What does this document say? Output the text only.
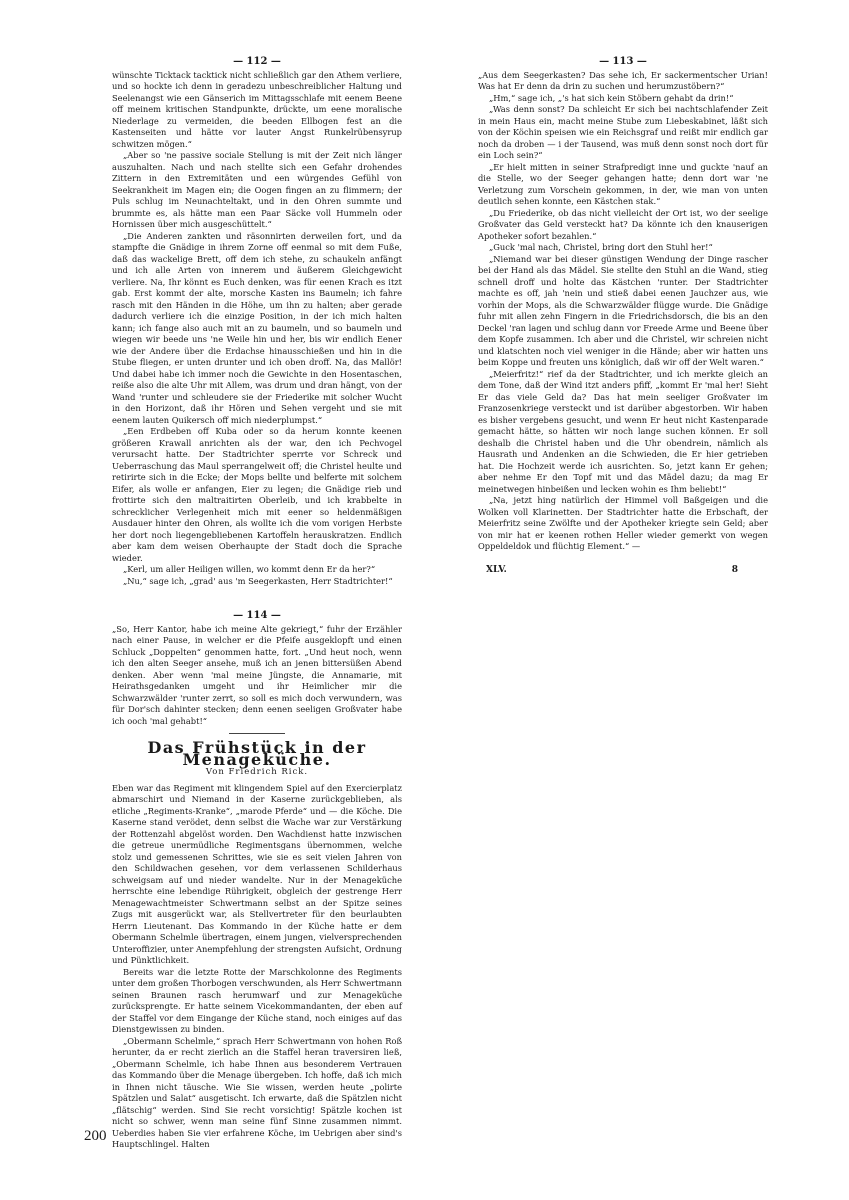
— 112 —

wünschte Ticktack tacktick nicht schließlich gar den Athem verliere, und so hockte ich denn in geradezu unbeschreiblicher Haltung und Seelenangst wie een Gänserich im Mittagsschlafe mit eenem Beene off meinem kritischen Standpunkte, drückte, um eene moralische Niederlage zu vermeiden, die beeden Ellbogen fest an die Kastenseiten und hätte vor lauter Angst Runkelrübensyrup schwitzen mögen.“

„Aber so 'ne passive sociale Stellung is mit der Zeit nich länger auszuhalten. Nach und nach stellte sich een Gefahr drohendes Zittern in den Extremitäten und een würgendes Gefühl von Seekrankheit im Magen ein; die Oogen fingen an zu flimmern; der Puls schlug im Neunachteltakt, und in den Ohren summte und brummte es, als hätte man een Paar Säcke voll Hummeln oder Hornissen über mich ausgeschüttelt.“

„Die Anderen zankten und räsonnirten derweilen fort, und da stampfte die Gnädige in ihrem Zorne off eenmal so mit dem Fuße, daß das wackelige Brett, off dem ich stehe, zu schaukeln anfängt und ich alle Arten von innerem und äußerem Gleichgewicht verliere. Na, Ihr könnt es Euch denken, was für eenen Krach es itzt gab. Erst kommt der alte, morsche Kasten ins Baumeln; ich fahre rasch mit den Händen in die Höhe, um ihn zu halten; aber gerade dadurch verliere ich die einzige Position, in der ich mich halten kann; ich fange also auch mit an zu baumeln, und so baumeln und wiegen wir beede uns 'ne Weile hin und her, bis wir endlich Eener wie der Andere über die Erdachse hinausschießen und hin in die Stube fliegen, er unten drunter und ich oben droff. Na, das Mallör! Und dabei habe ich immer noch die Gewichte in den Hosentaschen, reiße also die alte Uhr mit Allem, was drum und dran hängt, von der Wand 'runter und schleudere sie der Friederike mit solcher Wucht in den Horizont, daß ihr Hören und Sehen vergeht und sie mit eenem lauten Quikersch off mich niederplumpst.“

„Een Erdbeben off Kuba oder so da herum konnte keenen größeren Krawall anrichten als der war, den ich Pechvogel verursacht hatte. Der Stadtrichter sperrte vor Schreck und Ueberraschung das Maul sperrangelweit off; die Christel heulte und retirirte sich in die Ecke; der Mops bellte und belferte mit solchem Eifer, als wolle er anfangen, Eier zu legen; die Gnädige rieb und frottirte sich den maltraitirten Oberleib, und ich krabbelte in schrecklicher Verlegenheit mich mit eener so heldenmäßigen Ausdauer hinter den Ohren, als wollte ich die vom vorigen Herbste her dort noch liegengebliebenen Kartoffeln herauskratzen. Endlich aber kam dem weisen Oberhaupte der Stadt doch die Sprache wieder.

„Kerl, um aller Heiligen willen, wo kommt denn Er da her?“

„Nu,“ sage ich, „grad' aus 'm Seegerkasten, Herr Stadtrichter!“

— 113 —

„Aus dem Seegerkasten? Das sehe ich, Er sackermentscher Urian! Was hat Er denn da drin zu suchen und herumzustöbern?“

„Hm,“ sage ich, „'s hat sich kein Stöbern gehabt da drin!“

„Was denn sonst? Da schleicht Er sich bei nachtschlafender Zeit in mein Haus ein, macht meine Stube zum Liebeskabinet, läßt sich von der Köchin speisen wie ein Reichsgraf und reißt mir endlich gar noch da droben — i der Tausend, was muß denn sonst noch dort für ein Loch sein?“

„Er hielt mitten in seiner Strafpredigt inne und guckte 'nauf an die Stelle, wo der Seeger gehangen hatte; denn dort war 'ne Verletzung zum Vorschein gekommen, in der, wie man von unten deutlich sehen konnte, een Kästchen stak.“

„Du Friederike, ob das nicht vielleicht der Ort ist, wo der seelige Großvater das Geld versteckt hat? Da könnte ich den knauserigen Apotheker sofort bezahlen.“

„Guck 'mal nach, Christel, bring dort den Stuhl her!“

„Niemand war bei dieser günstigen Wendung der Dinge rascher bei der Hand als das Mädel. Sie stellte den Stuhl an die Wand, stieg schnell droff und holte das Kästchen 'runter. Der Stadtrichter machte es off, jah 'nein und stieß dabei eenen Jauchzer aus, wie vorhin der Mops, als die Schwarzwälder flügge wurde. Die Gnädige fuhr mit allen zehn Fingern in die Friedrichsdorsch, die bis an den Deckel 'ran lagen und schlug dann vor Freede Arme und Beene über dem Kopfe zusammen. Ich aber und die Christel, wir schreien nicht und klatschten noch viel weniger in die Hände; aber wir hatten uns beim Koppe und freuten uns königlich, daß wir off der Welt waren.“

„Meierfritz!“ rief da der Stadtrichter, und ich merkte gleich an dem Tone, daß der Wind itzt anders pfiff, „kommt Er 'mal her! Sieht Er das viele Geld da? Das hat mein seeliger Großvater im Franzosenkriege versteckt und ist darüber abgestorben. Wir haben es bisher vergebens gesucht, und wenn Er heut nicht Kastenparade gemacht hätte, so hätten wir noch lange suchen können. Er soll deshalb die Christel haben und die Uhr obendrein, nämlich als Hausrath und Andenken an die Schwieden, die Er hier getrieben hat. Die Hochzeit werde ich ausrichten. So, jetzt kann Er gehen; aber nehme Er den Topf mit und das Mädel dazu; da mag Er meinetwegen hinbeißen und lecken wohin es Ihm beliebt!“

„Na, jetzt hing natürlich der Himmel voll Baßgeigen und die Wolken voll Klarinetten. Der Stadtrichter hatte die Erbschaft, der Meierfritz seine Zwölfte und der Apotheker kriegte sein Geld; aber von mir hat er keenen rothen Heller wieder gemerkt von wegen Oppeldeldok und flüchtig Element.“ —

XLV.	8
— 114 —

„So, Herr Kantor, habe ich meine Alte gekriegt,“ fuhr der Erzähler nach einer Pause, in welcher er die Pfeife ausgeklopft und einen Schluck „Doppelten“ genommen hatte, fort. „Und heut noch, wenn ich den alten Seeger ansehe, muß ich an jenen bittersüßen Abend denken. Aber wenn 'mal meine Jüngste, die Annamarie, mit Heirathsgedanken umgeht und ihr Heimlicher mir die Schwarzwälder 'runter zerrt, so soll es mich doch verwundern, was für Dor'sch dahinter stecken; denn eenen seeligen Großvater habe ich ooch 'mal gehabt!“

Das Frühstück in der Menageküche.
Von Friedrich Rick.

Eben war das Regiment mit klingendem Spiel auf den Exercierplatz abmarschirt und Niemand in der Kaserne zurückgeblieben, als etliche „Regiments-Kranke“, „marode Pferde“ und — die Köche. Die Kaserne stand verödet, denn selbst die Wache war zur Verstärkung der Rottenzahl abgelöst worden. Den Wachdienst hatte inzwischen die getreue unermüdliche Regimentsgans übernommen, welche stolz und gemessenen Schrittes, wie sie es seit vielen Jahren von den Schildwachen gesehen, vor dem verlassenen Schilderhaus schweigsam auf und nieder wandelte. Nur in der Menageküche herrschte eine lebendige Rührigkeit, obgleich der gestrenge Herr Menagewachtmeister Schwertmann selbst an der Spitze seines Zugs mit ausgerückt war, als Stellvertreter für den beurlaubten Herrn Lieutenant. Das Kommando in der Küche hatte er dem Obermann Schelmle übertragen, einem jungen, vielversprechenden Unteroffizier, unter Anempfehlung der strengsten Aufsicht, Ordnung und Pünktlichkeit.

Bereits war die letzte Rotte der Marschkolonne des Regiments unter dem großen Thorbogen verschwunden, als Herr Schwertmann seinen Braunen rasch herumwarf und zur Menageküche zurücksprengte. Er hatte seinem Vicekommandanten, der eben auf der Staffel vor dem Eingange der Küche stand, noch einiges auf das Dienstgewissen zu binden.

„Obermann Schelmle,“ sprach Herr Schwertmann von hohen Roß herunter, da er recht zierlich an die Staffel heran traversiren ließ, „Obermann Schelmle, ich habe Ihnen aus besonderem Vertrauen das Kommando über die Menage übergeben. Ich hoffe, daß ich mich in Ihnen nicht täusche. Wie Sie wissen, werden heute „polirte Spätzlen und Salat“ ausgetischt. Ich erwarte, daß die Spätzlen nicht „flätschig“ werden. Sind Sie recht vorsichtig! Spätzle kochen ist nicht so schwer, wenn man seine fünf Sinne zusammen nimmt. Ueberdies haben Sie vier erfahrene Köche, im Uebrigen aber sind's Hauptschlingel. Halten

200
